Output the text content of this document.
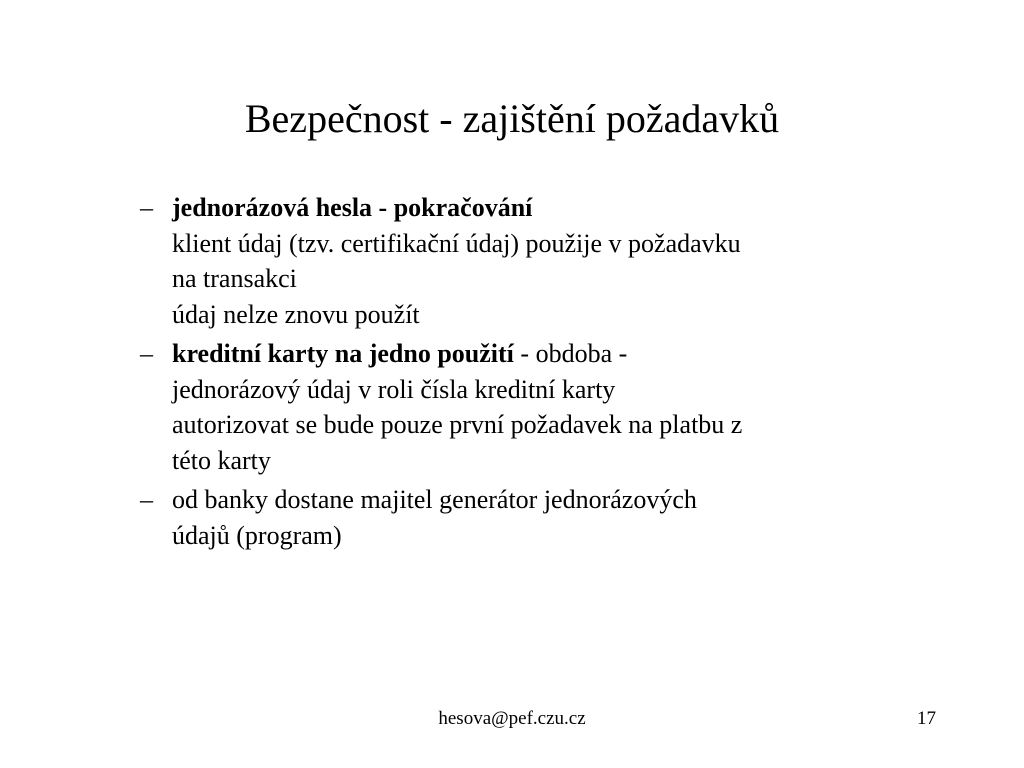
Bezpečnost - zajištění požadavků
– jednorázová hesla - pokračování
klient údaj (tzv. certifikační údaj) použije v požadavku
na transakci
údaj nelze znovu použít
– kreditní karty na jedno použití - obdoba -
jednorázový údaj v roli čísla kreditní karty
autorizovat se bude pouze první požadavek na platbu z
této karty
– od banky dostane majitel generátor jednorázových
údajů (program)
hesova@pef.czu.cz	17
